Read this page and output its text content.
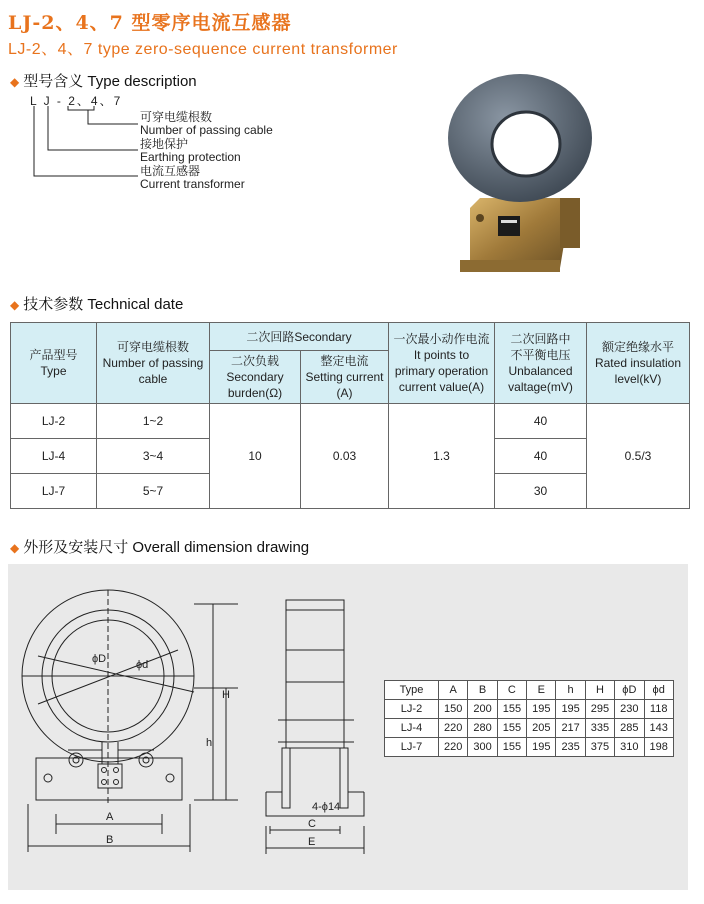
LJ-2、4、7 型零序电流互感器
LJ-2、4、7 type zero-sequence current transformer
◆ 型号含义 Type description
L J - 2、4、7
可穿电缆根数
Number of passing cable
接地保护
Earthing protection
电流互感器
Current transformer
◆ 技术参数 Technical date
产品型号
Type	可穿电缆根数
Number of passing
cable	二次回路Secondary		一次最小动作电流
It points to
primary operation
current value(A)	二次回路中
不平衡电压
Unbalanced
valtage(mV)	额定绝缘水平
Rated insulation
level(kV)
		二次负载
Secondary
burden(Ω)	整定电流
Setting current
(A)			
LJ-2	1~2	10	0.03	1.3	40	0.5/3
LJ-4	3~4				40	
LJ-7	5~7				30	
◆ 外形及安装尺寸 Overall dimension drawing
ϕD	ϕd
H
h
A
B
C
E
4-ϕ14
Type	A	B	C	E	h	H	ϕD	ϕd
LJ-2	150	200	155	195	195	295	230	118
LJ-4	220	280	155	205	217	335	285	143
LJ-7	220	300	155	195	235	375	310	198
